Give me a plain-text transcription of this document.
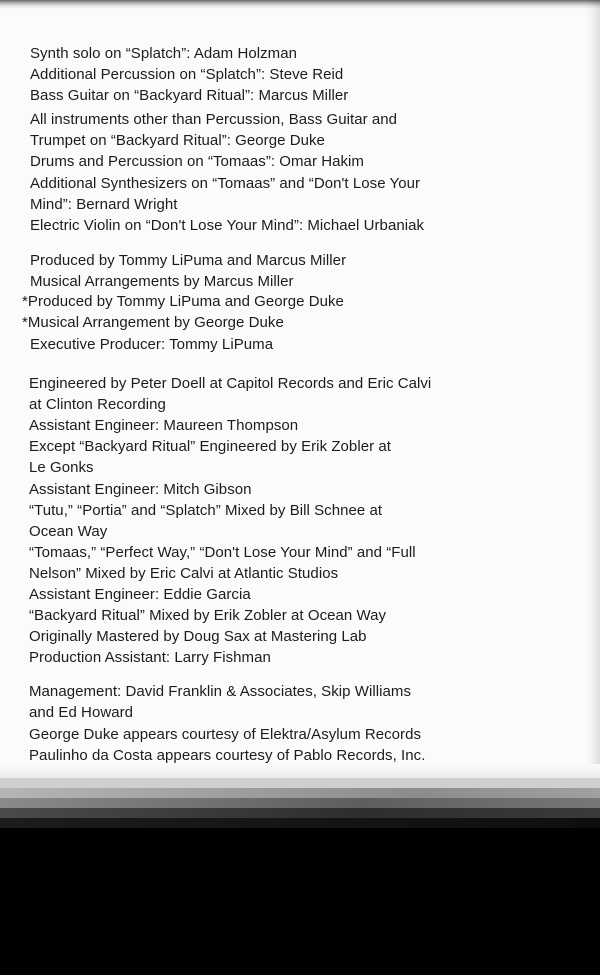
Synth solo on “Splatch”: Adam Holzman
Additional Percussion on “Splatch”: Steve Reid
Bass Guitar on “Backyard Ritual”: Marcus Miller
All instruments other than Percussion, Bass Guitar and
Trumpet on “Backyard Ritual”: George Duke
Drums and Percussion on “Tomaas”: Omar Hakim
Additional Synthesizers on “Tomaas” and “Don't Lose Your
Mind”: Bernard Wright
Electric Violin on “Don't Lose Your Mind”: Michael Urbaniak
Produced by Tommy LiPuma and Marcus Miller
Musical Arrangements by Marcus Miller
*Produced by Tommy LiPuma and George Duke
*Musical Arrangement by George Duke
Executive Producer: Tommy LiPuma
Engineered by Peter Doell at Capitol Records and Eric Calvi
at Clinton Recording
Assistant Engineer: Maureen Thompson
Except “Backyard Ritual” Engineered by Erik Zobler at
Le Gonks
Assistant Engineer: Mitch Gibson
“Tutu,” “Portia” and “Splatch” Mixed by Bill Schnee at
Ocean Way
“Tomaas,” “Perfect Way,” “Don't Lose Your Mind” and “Full
Nelson” Mixed by Eric Calvi at Atlantic Studios
Assistant Engineer: Eddie Garcia
“Backyard Ritual” Mixed by Erik Zobler at Ocean Way
Originally Mastered by Doug Sax at Mastering Lab
Production Assistant: Larry Fishman
Management: David Franklin & Associates, Skip Williams
and Ed Howard
George Duke appears courtesy of Elektra/Asylum Records
Paulinho da Costa appears courtesy of Pablo Records, Inc.
